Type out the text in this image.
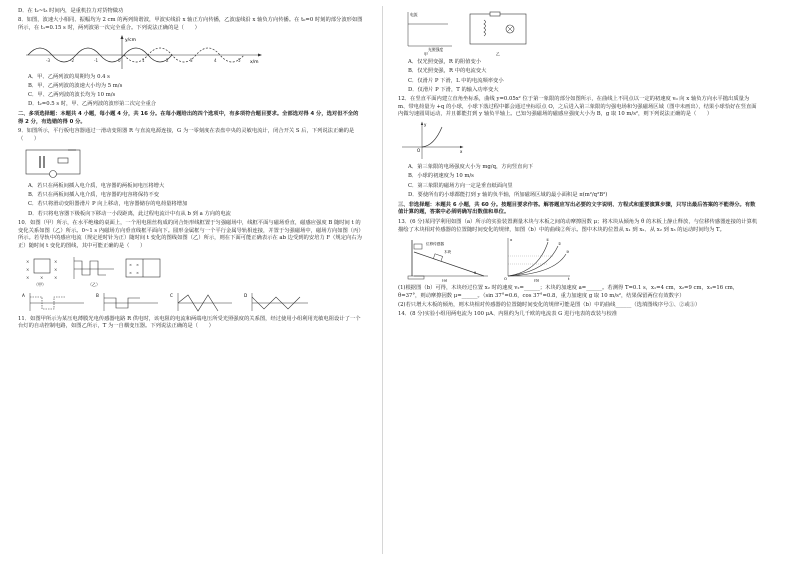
D．在 t₂~t₃ 时间内，是重机拉力对货物做功

8．如图，波速大小相同、振幅均为 2 cm 的两列简谐波，甲波实线沿 x 轴正方向传播，乙波虚线沿 x 轴负方向传播。在 t₀=0 时刻的部分波形如图所示，在 t₁=0.15 s 时，两列波第一次完全重合。下列说法正确的是（　　）

y/cm
x/m
-3	-2	-1	0	1	2	3	4	5

A．甲、乙两列波的周期均为 0.4 s

B．甲、乙两列波的波速大小均为 5 m/s

C．甲、乙两列波的波长均为 10 m/s

D．t₂=0.5 s 时，甲、乙两列波的波形第二次完全重合

二、多项选择题：本题共 4 小题，每小题 4 分，共 16 分。在每小题给出的四个选项中，有多项符合题目要求。全部选对得 4 分，选对但不全的得 2 分，有选错的得 0 分。

9．如图所示，平行板电容器通过一滑动变阻器 R 与直流电源连接，G 为一零刻度在表盘中央的灵敏电流计，闭合开关 S 后，下列说法正确的是（　　）

A．若只在两板间插入电介质，电容器的两板间电压将增大

B．若只在两板间插入电介质，电容器的电容将保持不变

C．若只将滑动变阻器滑片 P 向上移动，电容器储存的电荷量将增加

D．若只将电容器下极板向下移动一小段距离，此过程电流计中有从 b 到 a 方向的电流

10．如图（甲）所示，在水平绝缘的桌面上，一个用电阻丝构成的闭合矩形线框置于匀强磁场中，线框平面与磁场垂直，磁感应强度 B 随时间 t 的变化关系如图（乙）所示。0~1 s 内磁场方向垂直线框平面向下。圆形金属框与一个平行金属导轨相连接，并置于匀强磁场中，磁场方向如图（丙）所示。若导轨中的感应电流（规定逆时针为正）随时间 t 变化的图线如图（乙）所示，则在下面可能正确表示在 ab 边受到的安培力 F（规定向右为正）随时间 t 变化的图线，其中可能正确的是（　　）

×	×
×	×
×	×	×
（甲）	（乙）
× ×
× ×
A	B	C	D

11．如图甲所示为某压电薄膜光电传感器电路 R 供电时，该电阻的电流和两端电压所受光照强度的关系图，经过使用小组利用光敏电阻设计了一个台灯的自动控制电路，如图乙所示，T 为一自耦变压器。下列说法正确的是（　　）

电流
光照强度
甲	乙

A．仅光照变强，R 的阻值变小

B．仅光照变强，R 中的电流变大

C．仅滑片 P 下滑，L 中的电流频率变小

D．仅滑片 P 下滑，T 的输入功率变大

12．在竖直平面内建立直角坐标系，曲线 y=0.05x² 位于第一象限的部分如图所示，在曲线上不同点以一定的初速度 v₀ 向 x 轴负方向水平抛出质量为 m、带电荷量为 +q 的小球，小球下落过程中都会通过坐标原点 O，之后进入第三象限的匀强电场和匀强磁场区域（图中未画出），结果小球恰好在竖直面内做匀速圆周运动，并且都能打到 y 轴负半轴上。已知匀强磁场的磁感应强度大小为 B，g 取 10 m/s²，则下列说法正确的是（　　）

y
x
O

A．第三象限的电场强度大小为 mg/q，方向竖直向下

B．小球的初速度为 10 m/s

C．第三象限的磁场方向一定是垂直纸面向里

D．要使所有的小球都能打到 y 轴的负半轴，所加磁场区域的最小面积是 π(m²/q²B²)

三、非选择题：本题共 6 小题，共 60 分。按题目要求作答。解答题应写出必要的文字说明、方程式和重要演算步骤，只写出最后答案的不能得分。有数值计算的题，答案中必须明确写出数值和单位。

13．(6 分)某同学利用如图（a）所示的实验装置测量木块与木板之间的动摩擦因数 μ；将木块从倾角为 θ 的木板上静止释放，与位移传感器连接的计算机描绘了木块相对传感器的位置随时间变化的规律，如图（b）中的曲线②所示。图中木块的位置从 x₁ 到 x₂、从 x₂ 到 x₃ 的运动时间均为 T。

位移传感器
木块
θ
(a)
x
t
O
①
②
③
(b)

(1)根据图（b）可得，木块经过位置 x₂ 时的速度 v₂=______；木块的加速度 a=______。若测得 T=0.1 s，x₁=4 cm，x₂=9 cm，x₃=16 cm，θ=37°，则动摩擦因数 μ=______。（sin 37°=0.6，cos 37°=0.8，重力加速度 g 取 10 m/s²，结果保留两位有效数字）

(2)若只增大木板的倾角，则木块相对传感器的位置随时间变化的规律可能是图（b）中的曲线______（选填图线序号①、②或③）

14．(8 分)实验小组用两电流为 100 μA、内阻约为几千欧的电流表 G 进行电表的改装与校准
